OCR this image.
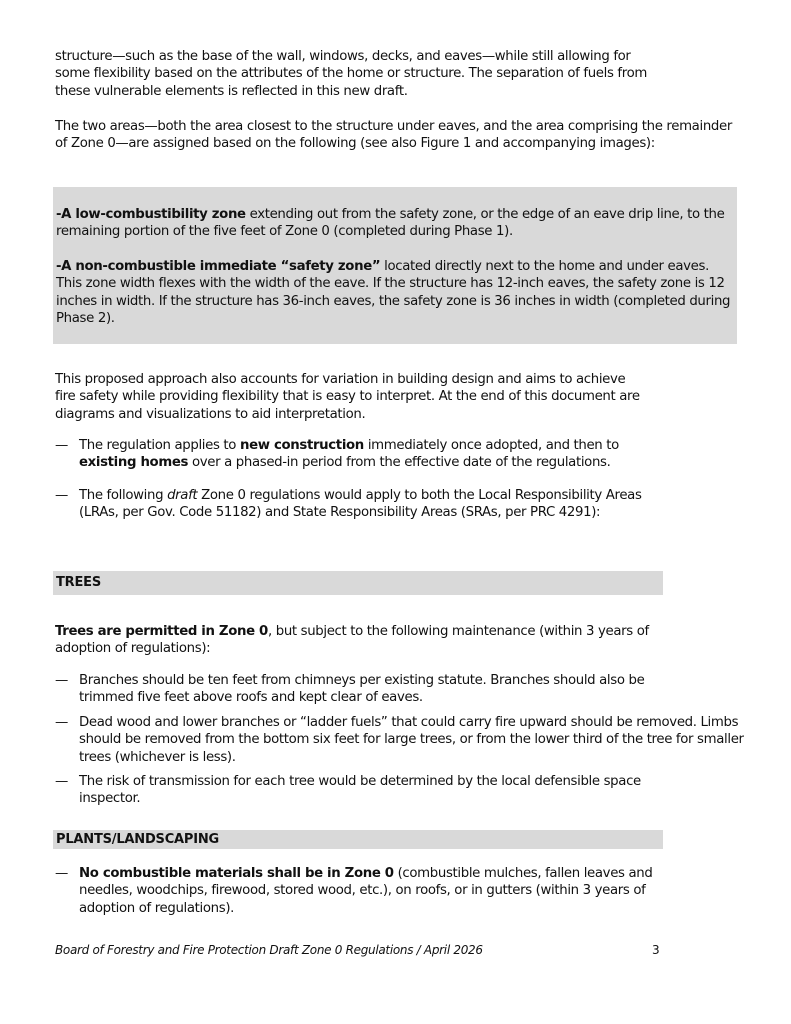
structure—such as the base of the wall, windows, decks, and eaves—while still allowing for some flexibility based on the attributes of the home or structure. The separation of fuels from these vulnerable elements is reflected in this new draft.

The two areas—both the area closest to the structure under eaves, and the area comprising the remainder of Zone 0—are assigned based on the following (see also Figure 1 and accompanying images):

-A low-combustibility zone extending out from the safety zone, or the edge of an eave drip line, to the remaining portion of the five feet of Zone 0 (completed during Phase 1).

-A non-combustible immediate “safety zone” located directly next to the home and under eaves. This zone width flexes with the width of the eave. If the structure has 12-inch eaves, the safety zone is 12 inches in width. If the structure has 36-inch eaves, the safety zone is 36 inches in width (completed during Phase 2).

This proposed approach also accounts for variation in building design and aims to achieve fire safety while providing flexibility that is easy to interpret. At the end of this document are diagrams and visualizations to aid interpretation.

— The regulation applies to new construction immediately once adopted, and then to existing homes over a phased-in period from the effective date of the regulations.
— The following draft Zone 0 regulations would apply to both the Local Responsibility Areas (LRAs, per Gov. Code 51182) and State Responsibility Areas (SRAs, per PRC 4291):
TREES

Trees are permitted in Zone 0, but subject to the following maintenance (within 3 years of adoption of regulations):

— Branches should be ten feet from chimneys per existing statute. Branches should also be trimmed five feet above roofs and kept clear of eaves.
— Dead wood and lower branches or “ladder fuels” that could carry fire upward should be removed. Limbs should be removed from the bottom six feet for large trees, or from the lower third of the tree for smaller trees (whichever is less).
— The risk of transmission for each tree would be determined by the local defensible space inspector.
PLANTS/LANDSCAPING
— No combustible materials shall be in Zone 0 (combustible mulches, fallen leaves and needles, woodchips, firewood, stored wood, etc.), on roofs, or in gutters (within 3 years of adoption of regulations).
Board of Forestry and Fire Protection Draft Zone 0 Regulations / April 2026	3
